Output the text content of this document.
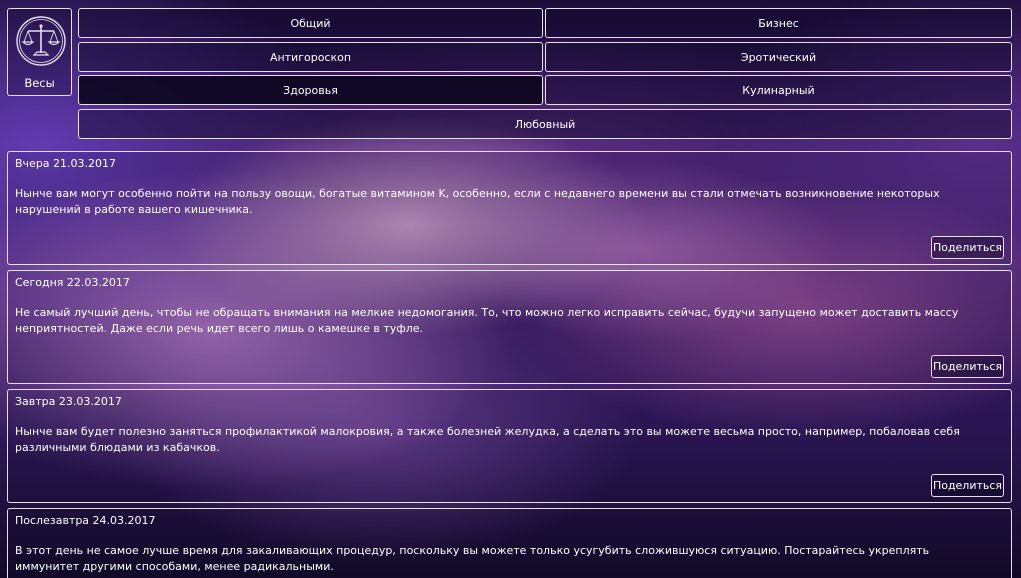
Весы
Общий	Бизнес
Антигороскоп	Эротический
Здоровья	Кулинарный
Любовный
Вчера 21.03.2017
Нынче вам могут особенно пойти на пользу овощи, богатые витамином K, особенно, если с недавнего времени вы стали отмечать возникновение некоторых нарушений в работе вашего кишечника.
Поделиться
Сегодня 22.03.2017
Не самый лучший день, чтобы не обращать внимания на мелкие недомогания. То, что можно легко исправить сейчас, будучи запущено может доставить массу неприятностей. Даже если речь идет всего лишь о камешке в туфле.
Поделиться
Завтра 23.03.2017
Нынче вам будет полезно заняться профилактикой малокровия, а также болезней желудка, а сделать это вы можете весьма просто, например, побаловав себя различными блюдами из кабачков.
Поделиться
Послезавтра 24.03.2017
В этот день не самое лучше время для закаливающих процедур, поскольку вы можете только усугубить сложившуюся ситуацию. Постарайтесь укреплять иммунитет другими способами, менее радикальными.
